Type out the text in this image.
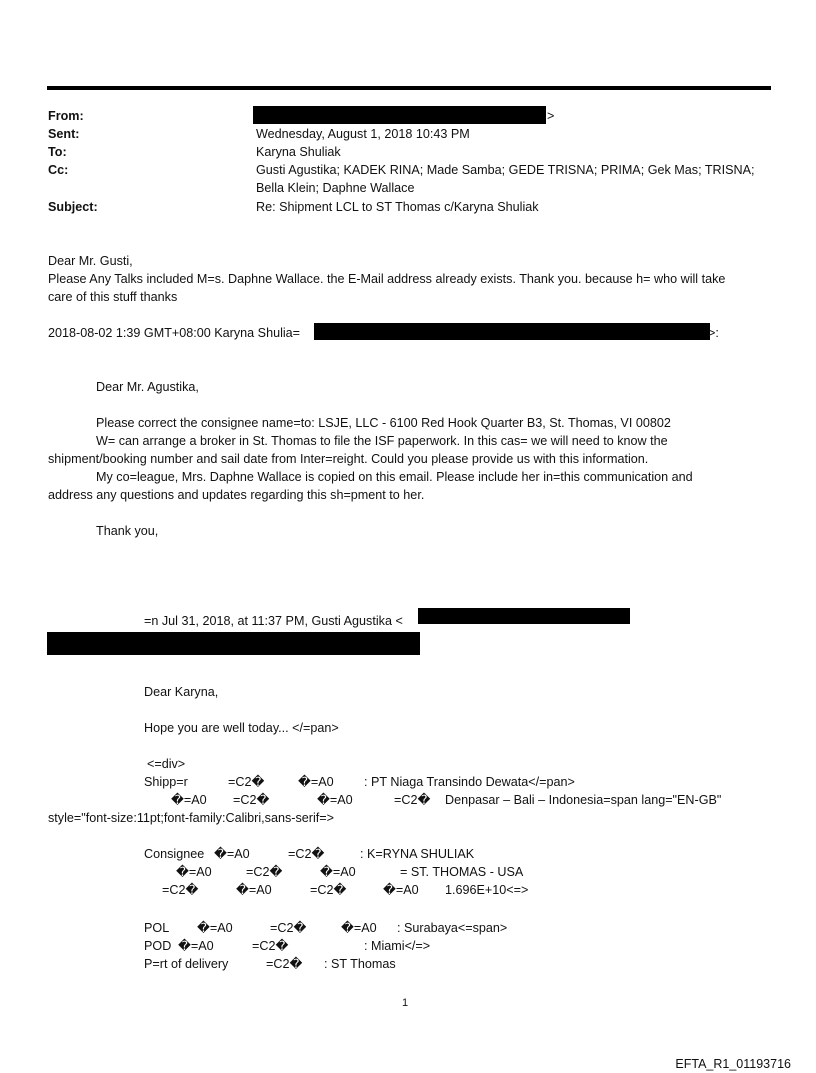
From:	>
Sent:	Wednesday, August 1, 2018 10:43 PM
To:	Karyna Shuliak
Cc:	Gusti Agustika; KADEK RINA; Made Samba; GEDE TRISNA; PRIMA; Gek Mas; TRISNA;
Bella Klein; Daphne Wallace
Subject:	Re: Shipment LCL to ST Thomas c/Karyna Shuliak
Dear Mr. Gusti,
Please Any Talks included M=s. Daphne Wallace. the E-Mail address already exists. Thank you. because h= who will take
care of this stuff thanks
2018-08-02 1:39 GMT+08:00 Karyna Shulia=	>:
Dear Mr. Agustika,
Please correct the consignee name=to: LSJE, LLC - 6100 Red Hook Quarter B3, St. Thomas, VI 00802
W= can arrange a broker in St. Thomas to file the ISF paperwork. In this cas= we will need to know the
shipment/booking number and sail date from Inter=reight. Could you please provide us with this information.
My co=league, Mrs. Daphne Wallace is copied on this email. Please include her in=this communication and
address any questions and updates regarding this sh=pment to her.
Thank you,
=n Jul 31, 2018, at 11:37 PM, Gusti Agustika <
Dear Karyna,
Hope you are well today... </=pan>
<=div>
Shipp=r	=C2�	�=A0 : PT Niaga Transindo Dewata</=pan>
�=A0 =C2�	�=A0	=C2� Denpasar – Bali – Indonesia=span lang="EN-GB"
style="font-size:11pt;font-family:Calibri,sans-serif=>
Consignee �=A0	=C2�	: K=RYNA SHULIAK
�=A0	=C2�	�=A0	= ST. THOMAS - USA
=C2�	�=A0	=C2�	�=A0 1.696E+10<=>
POL �=A0	=C2�	�=A0 : Surabaya<=span>
POD �=A0	=C2�	: Miami</=>
P=rt of delivery	=C2� : ST Thomas
1
EFTA_R1_01193716
